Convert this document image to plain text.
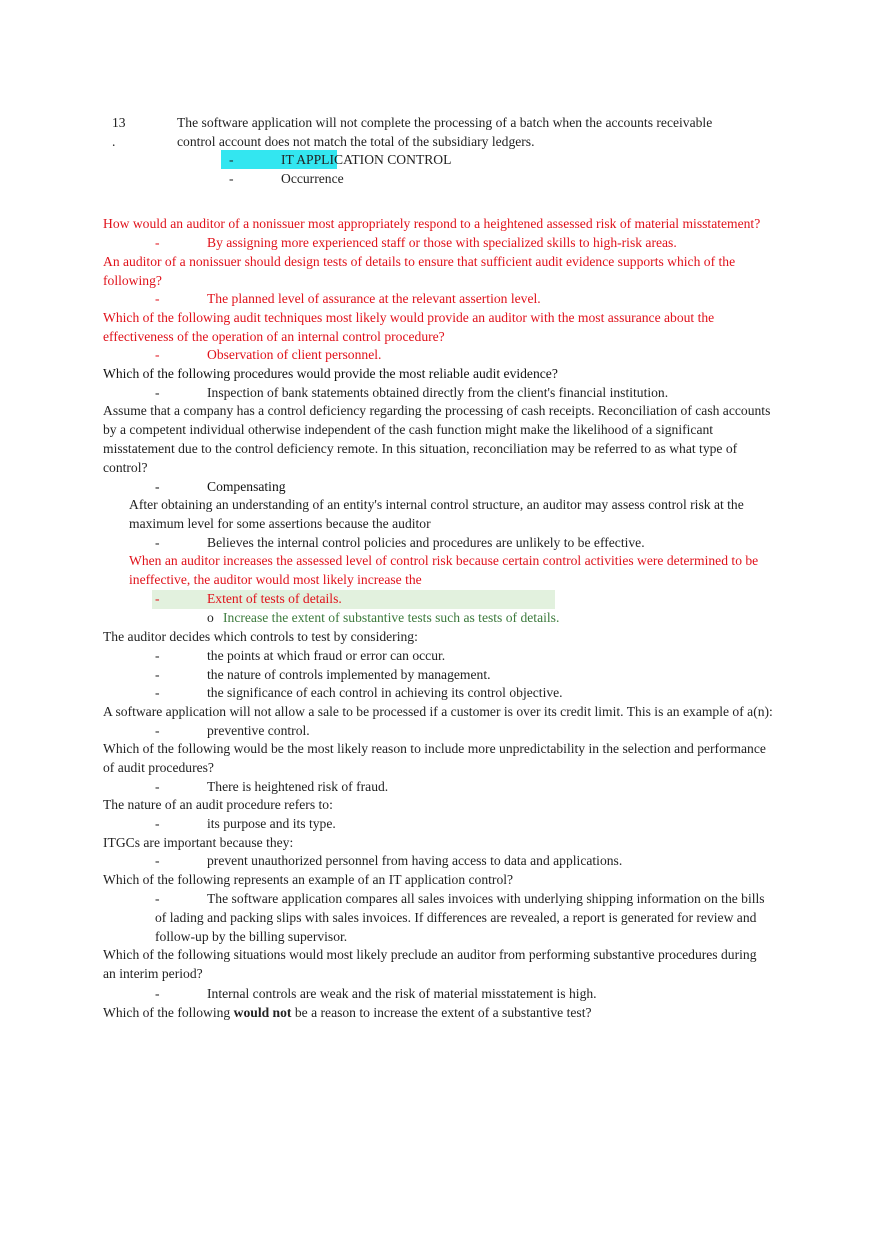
13
.
The software application will not complete the processing of a batch when the accounts receivable
control account does not match the total of the subsidiary ledgers.
-	IT APPLICATION CONTROL
-	Occurrence
How would an auditor of a nonissuer most appropriately respond to a heightened assessed risk of material misstatement?
-	By assigning more experienced staff or those with specialized skills to high-risk areas.
An auditor of a nonissuer should design tests of details to ensure that sufficient audit evidence supports which of the
following?
-	The planned level of assurance at the relevant assertion level.
Which of the following audit techniques most likely would provide an auditor with the most assurance about the
effectiveness of the operation of an internal control procedure?
-	Observation of client personnel.
Which of the following procedures would provide the most reliable audit evidence?
-	Inspection of bank statements obtained directly from the client's financial institution.
Assume that a company has a control deficiency regarding the processing of cash receipts. Reconciliation of cash accounts
by a competent individual otherwise independent of the cash function might make the likelihood of a significant
misstatement due to the control deficiency remote. In this situation, reconciliation may be referred to as what type of
control?
-	Compensating
After obtaining an understanding of an entity's internal control structure, an auditor may assess control risk at the
maximum level for some assertions because the auditor
-	Believes the internal control policies and procedures are unlikely to be effective.
When an auditor increases the assessed level of control risk because certain control activities were determined to be
ineffective, the auditor would most likely increase the
-	Extent of tests of details.
o Increase the extent of substantive tests such as tests of details.
The auditor decides which controls to test by considering:
-	the points at which fraud or error can occur.
-	the nature of controls implemented by management.
-	the significance of each control in achieving its control objective.
A software application will not allow a sale to be processed if a customer is over its credit limit. This is an example of a(n):
-	preventive control.
Which of the following would be the most likely reason to include more unpredictability in the selection and performance
of audit procedures?
-	There is heightened risk of fraud.
The nature of an audit procedure refers to:
-	its purpose and its type.
ITGCs are important because they:
-	prevent unauthorized personnel from having access to data and applications.
Which of the following represents an example of an IT application control?
-	The software application compares all sales invoices with underlying shipping information on the bills
of lading and packing slips with sales invoices. If differences are revealed, a report is generated for review and
follow-up by the billing supervisor.
Which of the following situations would most likely preclude an auditor from performing substantive procedures during
an interim period?
-	Internal controls are weak and the risk of material misstatement is high.
Which of the following would not be a reason to increase the extent of a substantive test?
